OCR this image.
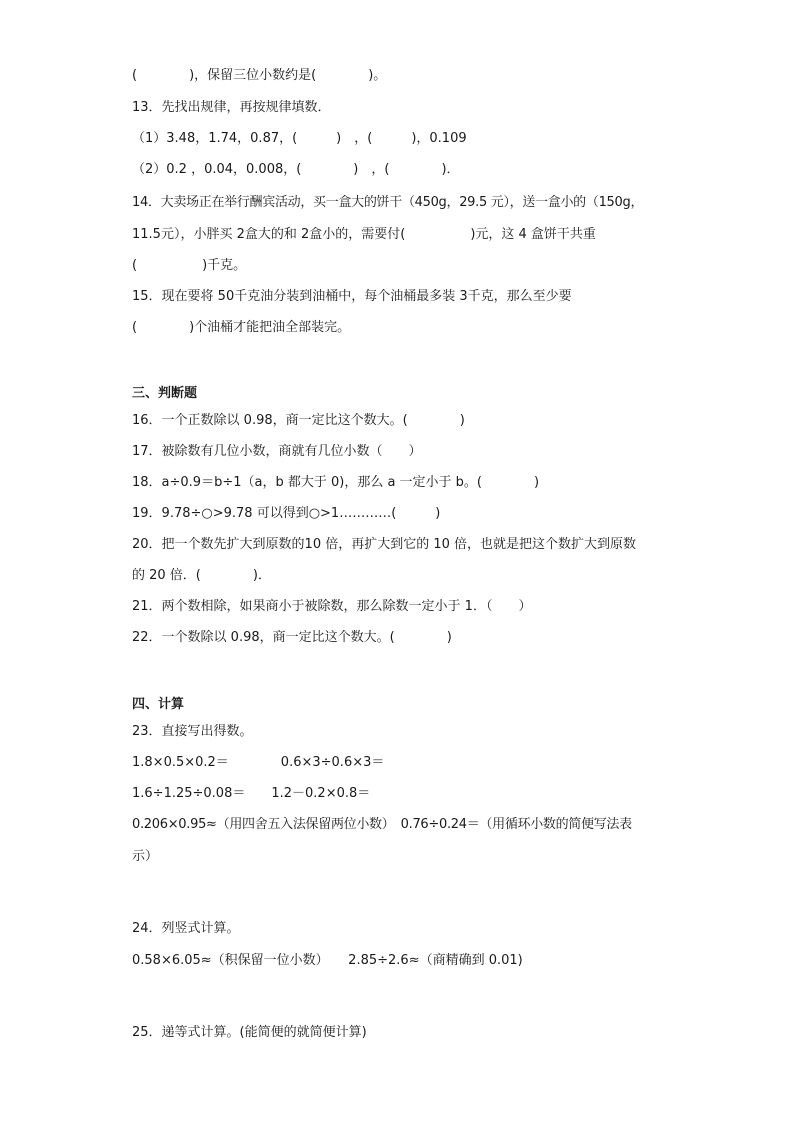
(　　　　)，保留三位小数约是(　　　　)。
13．先找出规律，再按规律填数．
（1）3.48，1.74，0.87，(　　　)　，(　　　)，0.109
（2）0.2 ，0.04，0.008，(　　　　)　，(　　　　)．
14．大卖场正在举行酬宾活动，买一盒大的饼干（450g，29.5 元），送一盒小的（150g，
11.5元），小胖买 2盒大的和 2盒小的，需要付(　　　　　)元，这 4 盒饼干共重
(　　　　　)千克。
15．现在要将 50千克油分装到油桶中，每个油桶最多装 3千克，那么至少要
(　　　　)个油桶才能把油全部装完。
三、判断题
16．一个正数除以 0.98，商一定比这个数大。(　　　　)
17．被除数有几位小数，商就有几位小数（　　）
18．a÷0.9＝b÷1（a，b 都大于 0)，那么 a 一定小于 b。(　　　　)
19．9.78÷○>9.78 可以得到○>1…………(　　　)
20．把一个数先扩大到原数的10 倍，再扩大到它的 10 倍，也就是把这个数扩大到原数
的 20 倍．(　　　　)．
21．两个数相除，如果商小于被除数，那么除数一定小于 1．（　　）
22．一个数除以 0.98，商一定比这个数大。(　　　　)
四、计算
23．直接写出得数。
1.8×0.5×0.2＝　　　　0.6×3÷0.6×3＝
1.6÷1.25÷0.08＝　　1.2－0.2×0.8＝
0.206×0.95≈（用四舍五入法保留两位小数）　0.76÷0.24＝（用循环小数的简便写法表
示）
24．列竖式计算。
0.58×6.05≈（积保留一位小数）　　2.85÷2.6≈（商精确到 0.01)
25．递等式计算。(能简便的就简便计算)
